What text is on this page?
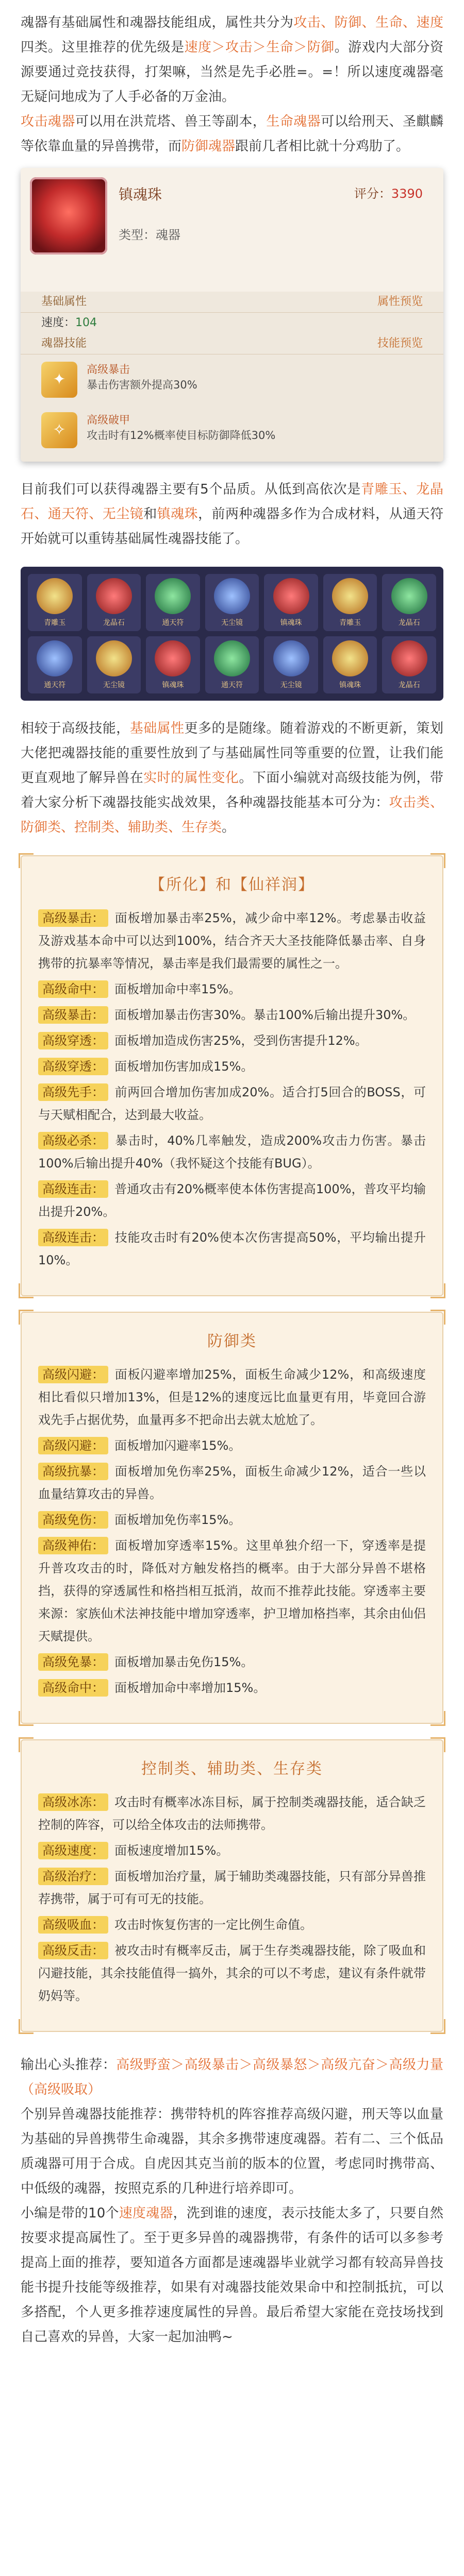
魂器有基础属性和魂器技能组成，属性共分为攻击、防御、生命、速度四类。这里推荐的优先级是速度＞攻击＞生命＞防御。游戏内大部分资源要通过竞技获得，打架嘛，当然是先手必胜=。=！所以速度魂器毫无疑问地成为了人手必备的万金油。

攻击魂器可以用在洪荒塔、兽王等副本，生命魂器可以给刑天、圣麒麟等依靠血量的异兽携带，而防御魂器跟前几者相比就十分鸡肋了。

镇魂珠	评分：3390
类型：魂器
基础属性	属性预览
速度：104
魂器技能	技能预览
✦
高级暴击
暴击伤害额外提高30%
✧
高级破甲
攻击时有12%概率使目标防御降低30%

目前我们可以获得魂器主要有5个品质。从低到高依次是青雕玉、龙晶石、通天符、无尘镜和镇魂珠，前两种魂器多作为合成材料，从通天符开始就可以重铸基础属性魂器技能了。

青雕玉	龙晶石	通天符	无尘镜	镇魂珠	青雕玉	龙晶石
通天符	无尘镜	镇魂珠	通天符	无尘镜	镇魂珠	龙晶石

相较于高级技能，基础属性更多的是随缘。随着游戏的不断更新，策划大佬把魂器技能的重要性放到了与基础属性同等重要的位置，让我们能更直观地了解异兽在实时的属性变化。下面小编就对高级技能为例，带着大家分析下魂器技能实战效果，各种魂器技能基本可分为：攻击类、防御类、控制类、辅助类、生存类。

【所化】和【仙祥润】
高级暴击： 面板增加暴击率25%，减少命中率12%。考虑暴击收益及游戏基本命中可以达到100%，结合齐天大圣技能降低暴击率、自身携带的抗暴率等情况，暴击率是我们最需要的属性之一。
高级命中： 面板增加命中率15%。
高级暴击： 面板增加暴击伤害30%。暴击100%后输出提升30%。
高级穿透： 面板增加造成伤害25%，受到伤害提升12%。
高级穿透： 面板增加伤害加成15%。
高级先手： 前两回合增加伤害加成20%。适合打5回合的BOSS，可与天赋相配合，达到最大收益。
高级必杀： 暴击时，40%几率触发，造成200%攻击力伤害。暴击100%后输出提升40%（我怀疑这个技能有BUG）。
高级连击： 普通攻击有20%概率使本体伤害提高100%，普攻平均输出提升20%。
高级连击： 技能攻击时有20%使本次伤害提高50%，平均输出提升10%。
防御类
高级闪避： 面板闪避率增加25%，面板生命减少12%，和高级速度相比看似只增加13%，但是12%的速度远比血量更有用，毕竟回合游戏先手占据优势，血量再多不把命出去就太尬尬了。
高级闪避： 面板增加闪避率15%。
高级抗暴： 面板增加免伤率25%，面板生命减少12%，适合一些以血量结算攻击的异兽。
高级免伤： 面板增加免伤率15%。
高级神佑： 面板增加穿透率15%。这里单独介绍一下，穿透率是提升普攻攻击的时，降低对方触发格挡的概率。由于大部分异兽不堪格挡，获得的穿透属性和格挡相互抵消，故而不推荐此技能。穿透率主要来源：家族仙术法神技能中增加穿透率，护卫增加格挡率，其余由仙侣天赋提供。
高级免暴： 面板增加暴击免伤15%。
高级命中： 面板增加命中率增加15%。
控制类、辅助类、生存类
高级冰冻： 攻击时有概率冰冻目标，属于控制类魂器技能，适合缺乏控制的阵容，可以给全体攻击的法师携带。
高级速度： 面板速度增加15%。
高级治疗： 面板增加治疗量，属于辅助类魂器技能，只有部分异兽推荐携带，属于可有可无的技能。
高级吸血： 攻击时恢复伤害的一定比例生命值。
高级反击： 被攻击时有概率反击，属于生存类魂器技能，除了吸血和闪避技能，其余技能值得一搞外，其余的可以不考虑，建议有条件就带奶妈等。

输出心头推荐：高级野蛮＞高级暴击＞高级暴怒＞高级亢奋＞高级力量（高级吸取）

个别异兽魂器技能推荐：携带特机的阵容推荐高级闪避，刑天等以血量为基础的异兽携带生命魂器，其余多携带速度魂器。若有二、三个低品质魂器可用于合成。自虎因其克当前的版本的位置，考虑同时携带高、中低级的魂器，按照克系的几种进行培养即可。

小编是带的10个速度魂器，洗到谁的速度，表示技能太多了，只要自然按要求提高属性了。至于更多异兽的魂器携带，有条件的话可以多参考提高上面的推荐，要知道各方面都是速魂器毕业就学习都有较高异兽技能书提升技能等级推荐，如果有对魂器技能效果命中和控制抵抗，可以多搭配，个人更多推荐速度属性的异兽。最后希望大家能在竞技场找到自己喜欢的异兽，大家一起加油鸭~
